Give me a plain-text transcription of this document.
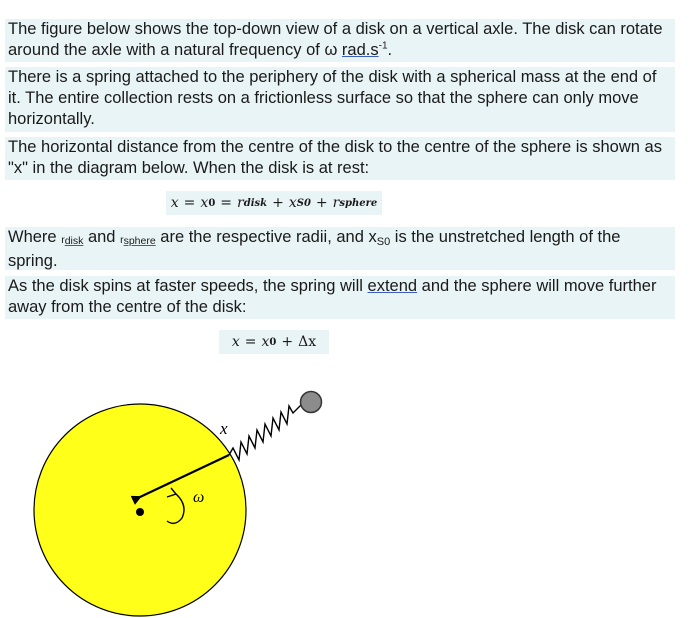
The figure below shows the top-down view of a disk on a vertical axle. The disk can rotate around the axle with a natural frequency of ω $rad.s^{-1}$.
There is a spring attached to the periphery of the disk with a spherical mass at the end of it. The entire collection rests on a frictionless surface so that the sphere can only move horizontally.
The horizontal distance from the centre of the disk to the centre of the sphere is shown as "x" in the diagram below. When the disk is at rest:
x = x 0 = r disk + x S0 + r sphere
Where rdisk and rsphere are the respective radii, and $x_{S0}$ is the unstretched length of the spring.
As the disk spins at faster speeds, the spring will extend and the sphere will move further away from the centre of the disk:
x = x 0 + Δx
x
ω
